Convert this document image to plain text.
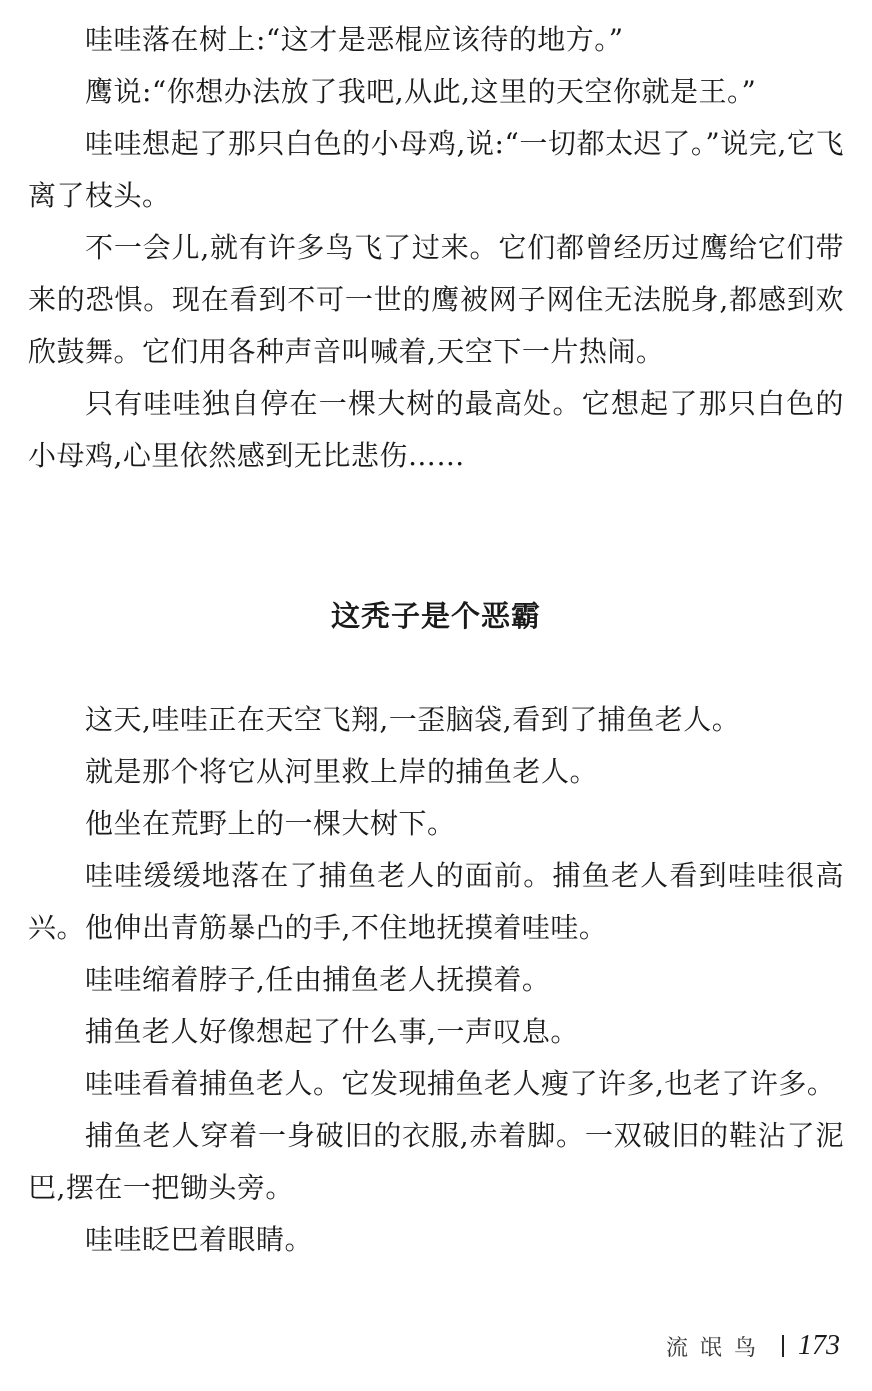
哇哇落在树上:“这才是恶棍应该待的地方。”

鹰说:“你想办法放了我吧,从此,这里的天空你就是王。”

哇哇想起了那只白色的小母鸡,说:“一切都太迟了。”说完,它飞离了枝头。

不一会儿,就有许多鸟飞了过来。它们都曾经历过鹰给它们带来的恐惧。现在看到不可一世的鹰被网子网住无法脱身,都感到欢欣鼓舞。它们用各种声音叫喊着,天空下一片热闹。

只有哇哇独自停在一棵大树的最高处。它想起了那只白色的小母鸡,心里依然感到无比悲伤……

这秃子是个恶霸

这天,哇哇正在天空飞翔,一歪脑袋,看到了捕鱼老人。

就是那个将它从河里救上岸的捕鱼老人。

他坐在荒野上的一棵大树下。

哇哇缓缓地落在了捕鱼老人的面前。捕鱼老人看到哇哇很高兴。他伸出青筋暴凸的手,不住地抚摸着哇哇。

哇哇缩着脖子,任由捕鱼老人抚摸着。

捕鱼老人好像想起了什么事,一声叹息。

哇哇看着捕鱼老人。它发现捕鱼老人瘦了许多,也老了许多。

捕鱼老人穿着一身破旧的衣服,赤着脚。一双破旧的鞋沾了泥巴,摆在一把锄头旁。

哇哇眨巴着眼睛。

流氓鸟 173
